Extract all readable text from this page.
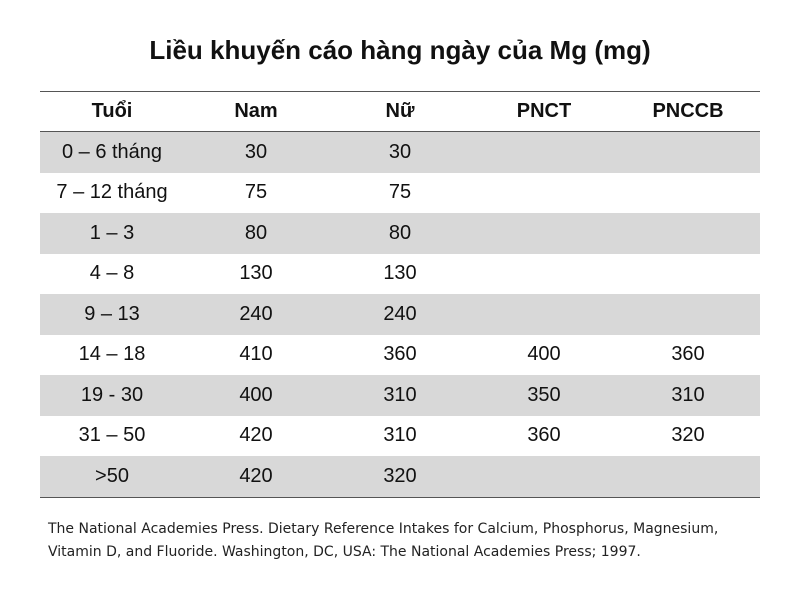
Liều khuyến cáo hàng ngày của Mg (mg)
Tuổi	Nam	Nữ	PNCT	PNCCB
0 – 6 tháng	30	30		
7 – 12 tháng	75	75		
1 – 3	80	80		
4 – 8	130	130		
9 – 13	240	240		
14 – 18	410	360	400	360
19 - 30	400	310	350	310
31 – 50	420	310	360	320
>50	420	320		
The National Academies Press. Dietary Reference Intakes for Calcium, Phosphorus, Magnesium,
Vitamin D, and Fluoride. Washington, DC, USA: The National Academies Press; 1997.
